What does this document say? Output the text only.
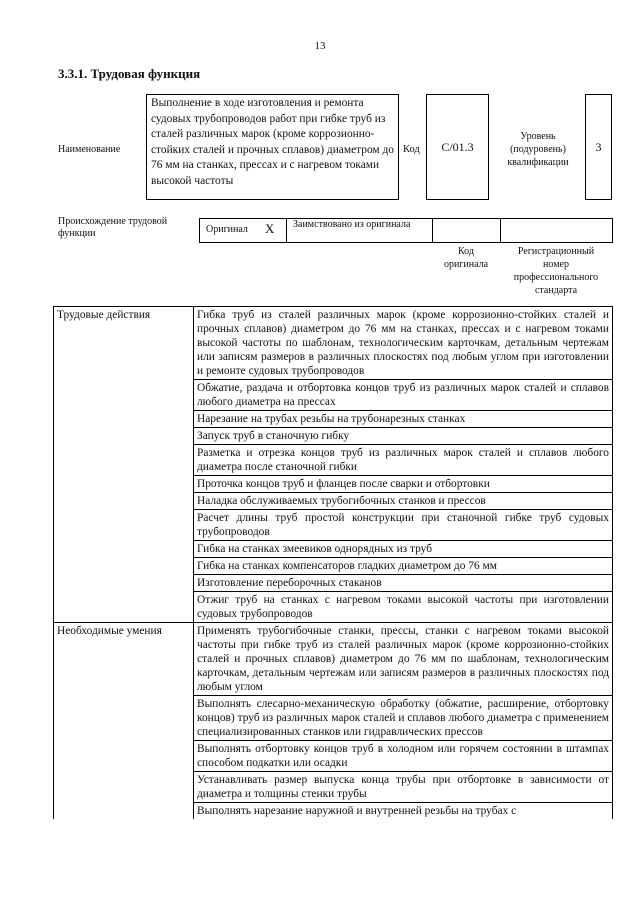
13
3.3.1. Трудовая функция
Наименование
Выполнение в ходе изготовления и ремонта судовых трубопроводов работ при гибке труб из сталей различных марок (кроме коррозионно-стойких сталей и прочных сплавов) диаметром до 76 мм на станках, прессах и с нагревом токами высокой частоты
Код С/01.3
Уровень (подуровень) квалификации
3
Происхождение трудовой функции	Оригинал X Заимствовано из оригинала
Код оригинала
Регистрационный номер профессионального стандарта
Трудовые действия	Гибка труб из сталей различных марок (кроме коррозионно-стойких сталей и прочных сплавов) диаметром до 76 мм на станках, прессах и с нагревом токами высокой частоты по шаблонам, технологическим карточкам, детальным чертежам или записям размеров в различных плоскостях под любым углом при изготовлении и ремонте судовых трубопроводов
	Обжатие, раздача и отбортовка концов труб из различных марок сталей и сплавов любого диаметра на прессах
	Нарезание на трубах резьбы на трубонарезных станках
	Запуск труб в станочную гибку
	Разметка и отрезка концов труб из различных марок сталей и сплавов любого диаметра после станочной гибки
	Проточка концов труб и фланцев после сварки и отбортовки
	Наладка обслуживаемых трубогибочных станков и прессов
	Расчет длины труб простой конструкции при станочной гибке труб судовых трубопроводов
	Гибка на станках змеевиков однорядных из труб
	Гибка на станках компенсаторов гладких диаметром до 76 мм
	Изготовление переборочных стаканов
	Отжиг труб на станках с нагревом токами высокой частоты при изготовлении судовых трубопроводов
Необходимые умения	Применять трубогибочные станки, прессы, станки с нагревом токами высокой частоты при гибке труб из сталей различных марок (кроме коррозионно-стойких сталей и прочных сплавов) диаметром до 76 мм по шаблонам, технологическим карточкам, детальным чертежам или записям размеров в различных плоскостях под любым углом
	Выполнять слесарно-механическую обработку (обжатие, расширение, отбортовку концов) труб из различных марок сталей и сплавов любого диаметра с применением специализированных станков или гидравлических прессов
	Выполнять отбортовку концов труб в холодном или горячем состоянии в штампах способом подкатки или осадки
	Устанавливать размер выпуска конца трубы при отбортовке в зависимости от диаметра и толщины стенки трубы
	Выполнять нарезание наружной и внутренней резьбы на трубах с
